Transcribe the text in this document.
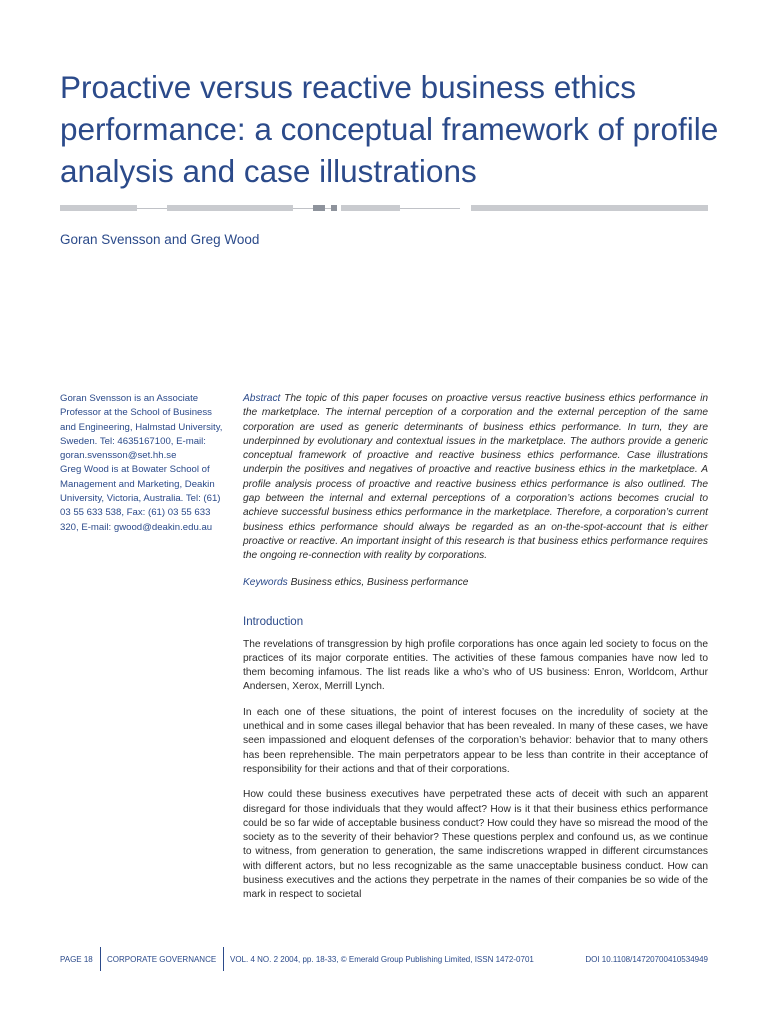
Proactive versus reactive business ethics performance: a conceptual framework of profile analysis and case illustrations

Goran Svensson and Greg Wood

Goran Svensson is an Associate Professor at the School of Business and Engineering, Halmstad University, Sweden. Tel: 4635167100, E-mail: goran.svensson@set.hh.se

Greg Wood is at Bowater School of Management and Marketing, Deakin University, Victoria, Australia. Tel: (61) 03 55 633 538, Fax: (61) 03 55 633 320, E-mail: gwood@deakin.edu.au

Abstract The topic of this paper focuses on proactive versus reactive business ethics performance in the marketplace. The internal perception of a corporation and the external perception of the same corporation are used as generic determinants of business ethics performance. In turn, they are underpinned by evolutionary and contextual issues in the marketplace. The authors provide a generic conceptual framework of proactive and reactive business ethics performance. Case illustrations underpin the positives and negatives of proactive and reactive business ethics in the marketplace. A profile analysis process of proactive and reactive business ethics performance is also outlined. The gap between the internal and external perceptions of a corporation’s actions becomes crucial to achieve successful business ethics performance in the marketplace. Therefore, a corporation’s current business ethics performance should always be regarded as an on-the-spot-account that is either proactive or reactive. An important insight of this research is that business ethics performance requires the ongoing re-connection with reality by corporations.

Keywords Business ethics, Business performance

Introduction

The revelations of transgression by high profile corporations has once again led society to focus on the practices of its major corporate entities. The activities of these famous companies have now led to them becoming infamous. The list reads like a who’s who of US business: Enron, Worldcom, Arthur Andersen, Xerox, Merrill Lynch.

In each one of these situations, the point of interest focuses on the incredulity of society at the unethical and in some cases illegal behavior that has been revealed. In many of these cases, we have seen impassioned and eloquent defenses of the corporation’s behavior: behavior that to many others has been reprehensible. The main perpetrators appear to be less than contrite in their acceptance of responsibility for their actions and that of their corporations.

How could these business executives have perpetrated these acts of deceit with such an apparent disregard for those individuals that they would affect? How is it that their business ethics performance could be so far wide of acceptable business conduct? How could they have so misread the mood of the society as to the severity of their behavior? These questions perplex and confound us, as we continue to witness, from generation to generation, the same indiscretions wrapped in different circumstances with different actors, but no less recognizable as the same unacceptable business conduct. How can business executives and the actions they perpetrate in the names of their companies be so wide of the mark in respect to societal

PAGE 18 CORPORATE GOVERNANCE VOL. 4 NO. 2 2004, pp. 18-33, © Emerald Group Publishing Limited, ISSN 1472-0701	DOI 10.1108/14720700410534949
